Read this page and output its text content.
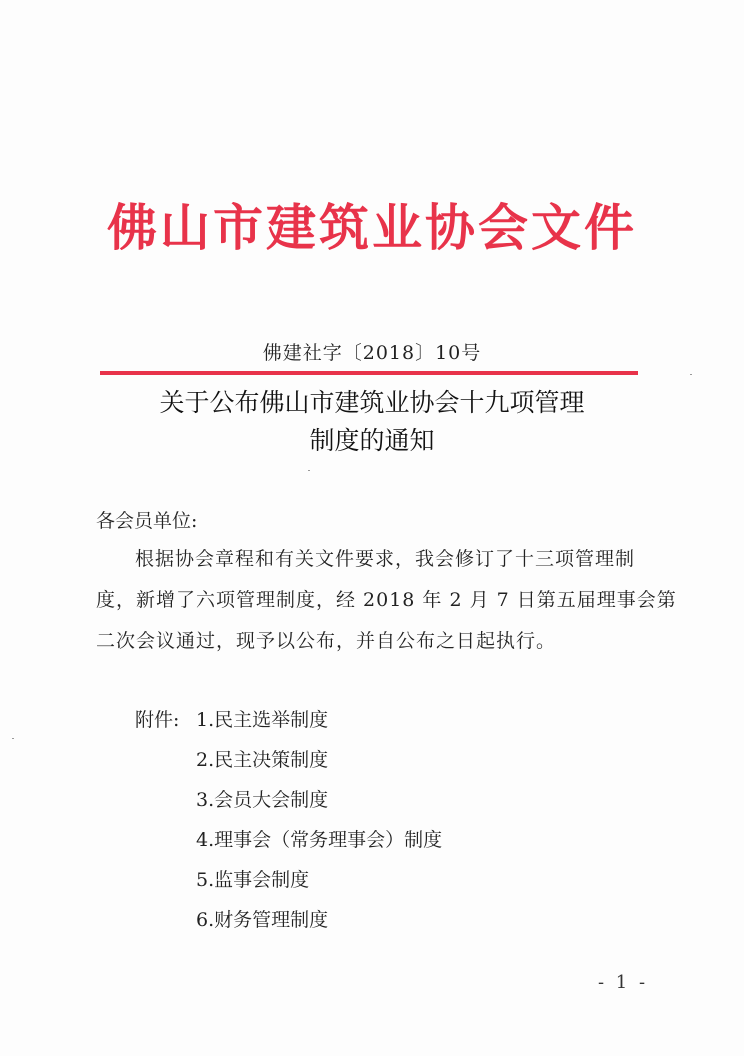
佛山市建筑业协会文件
佛建社字〔2018〕10号
关于公布佛山市建筑业协会十九项管理
制度的通知
各会员单位:

根据协会章程和有关文件要求，我会修订了十三项管理制
度，新增了六项管理制度，经 2018 年 2 月 7 日第五届理事会第
二次会议通过，现予以公布，并自公布之日起执行。

附件: 1.民主选举制度
2.民主决策制度
3.会员大会制度
4.理事会（常务理事会）制度
5.监事会制度
6.财务管理制度
- 1 -
